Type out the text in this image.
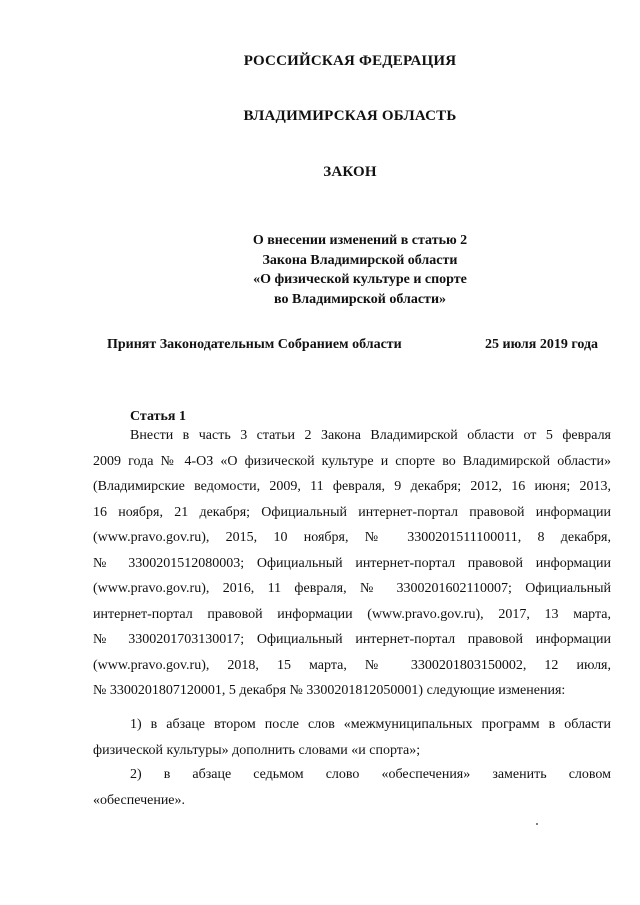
РОССИЙСКАЯ ФЕДЕРАЦИЯ
ВЛАДИМИРСКАЯ ОБЛАСТЬ
ЗАКОН
О внесении изменений в статью 2
Закона Владимирской области
«О физической культуре и спорте
во Владимирской области»
Принят Законодательным Собранием области	25 июля 2019 года
Статья 1
Внести в часть 3 статьи 2 Закона Владимирской области от 5 февраля
2009 года № 4-ОЗ «О физической культуре и спорте во Владимирской области»
(Владимирские ведомости, 2009, 11 февраля, 9 декабря; 2012, 16 июня; 2013,
16 ноября, 21 декабря; Официальный интернет-портал правовой информации
(www.pravo.gov.ru), 2015, 10 ноября, № 3300201511100011, 8 декабря,
№ 3300201512080003; Официальный интернет-портал правовой информации
(www.pravo.gov.ru), 2016, 11 февраля, № 3300201602110007; Официальный
интернет-портал правовой информации (www.pravo.gov.ru), 2017, 13 марта,
№ 3300201703130017; Официальный интернет-портал правовой информации
(www.pravo.gov.ru), 2018, 15 марта, № 3300201803150002, 12 июля,
№ 3300201807120001, 5 декабря № 3300201812050001) следующие изменения:
1) в абзаце втором после слов «межмуниципальных программ в области
физической культуры» дополнить словами «и спорта»;
2) в абзаце седьмом слово «обеспечения» заменить словом
«обеспечение».
